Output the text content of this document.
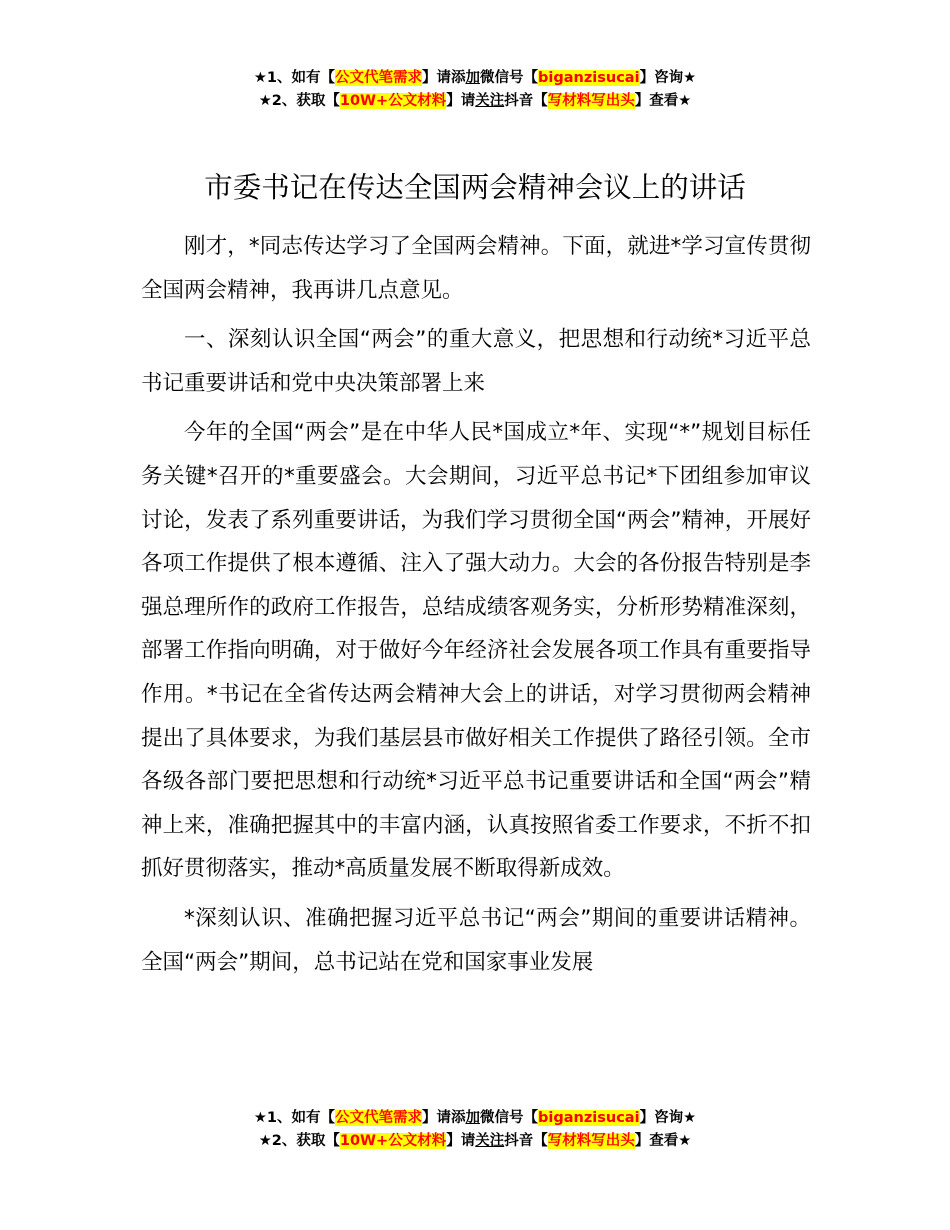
★1、如有【公文代笔需求】请添加微信号【biganzisucai】咨询★
★2、获取【10W+公文材料】请关注抖音【写材料写出头】查看★
市委书记在传达全国两会精神会议上的讲话

刚才，*同志传达学习了全国两会精神。下面，就进*学习宣传贯彻全国两会精神，我再讲几点意见。

一、深刻认识全国“两会”的重大意义，把思想和行动统*习近平总书记重要讲话和党中央决策部署上来

今年的全国“两会”是在中华人民*国成立*年、实现“*”规划目标任务关键*召开的*重要盛会。大会期间，习近平总书记*下团组参加审议讨论，发表了系列重要讲话，为我们学习贯彻全国“两会”精神，开展好各项工作提供了根本遵循、注入了强大动力。大会的各份报告特别是李强总理所作的政府工作报告，总结成绩客观务实，分析形势精准深刻，部署工作指向明确，对于做好今年经济社会发展各项工作具有重要指导作用。*书记在全省传达两会精神大会上的讲话，对学习贯彻两会精神提出了具体要求，为我们基层县市做好相关工作提供了路径引领。全市各级各部门要把思想和行动统*习近平总书记重要讲话和全国“两会”精神上来，准确把握其中的丰富内涵，认真按照省委工作要求，不折不扣抓好贯彻落实，推动*高质量发展不断取得新成效。

*深刻认识、准确把握习近平总书记“两会”期间的重要讲话精神。全国“两会”期间，总书记站在党和国家事业发展

★1、如有【公文代笔需求】请添加微信号【biganzisucai】咨询★
★2、获取【10W+公文材料】请关注抖音【写材料写出头】查看★
